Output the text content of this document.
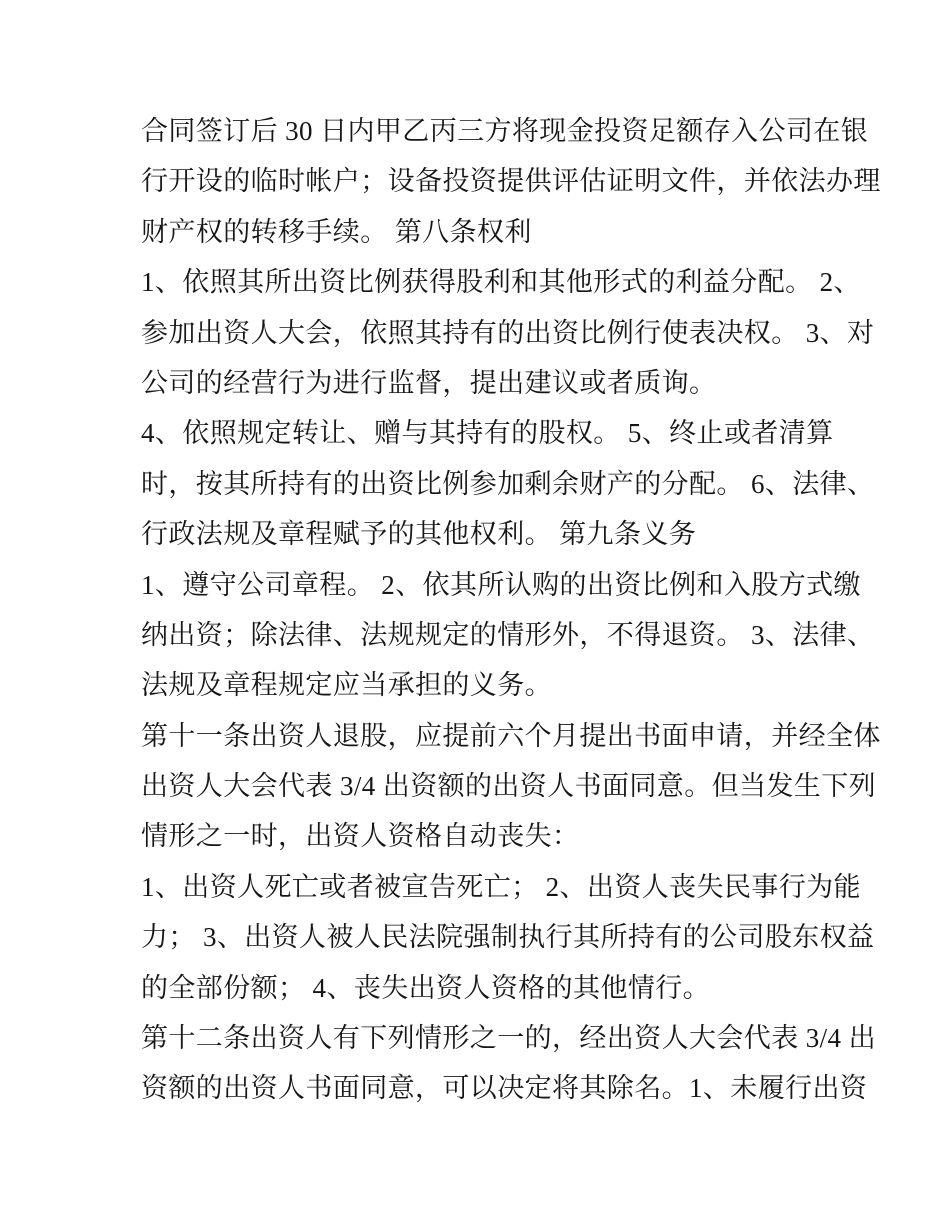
合同签订后 30 日内甲乙丙三方将现金投资足额存入公司在银
行开设的临时帐户；设备投资提供评估证明文件，并依法办理
财产权的转移手续。 第八条权利
1、依照其所出资比例获得股利和其他形式的利益分配。 2、
参加出资人大会，依照其持有的出资比例行使表决权。 3、对
公司的经营行为进行监督，提出建议或者质询。
4、依照规定转让、赠与其持有的股权。 5、终止或者清算
时，按其所持有的出资比例参加剩余财产的分配。 6、法律、
行政法规及章程赋予的其他权利。 第九条义务
1、遵守公司章程。 2、依其所认购的出资比例和入股方式缴
纳出资；除法律、法规规定的情形外，不得退资。 3、法律、
法规及章程规定应当承担的义务。
第十一条出资人退股，应提前六个月提出书面申请，并经全体
出资人大会代表 3/4 出资额的出资人书面同意。但当发生下列
情形之一时，出资人资格自动丧失：
1、出资人死亡或者被宣告死亡； 2、出资人丧失民事行为能
力； 3、出资人被人民法院强制执行其所持有的公司股东权益
的全部份额； 4、丧失出资人资格的其他情行。
第十二条出资人有下列情形之一的，经出资人大会代表 3/4 出
资额的出资人书面同意，可以决定将其除名。1、未履行出资
